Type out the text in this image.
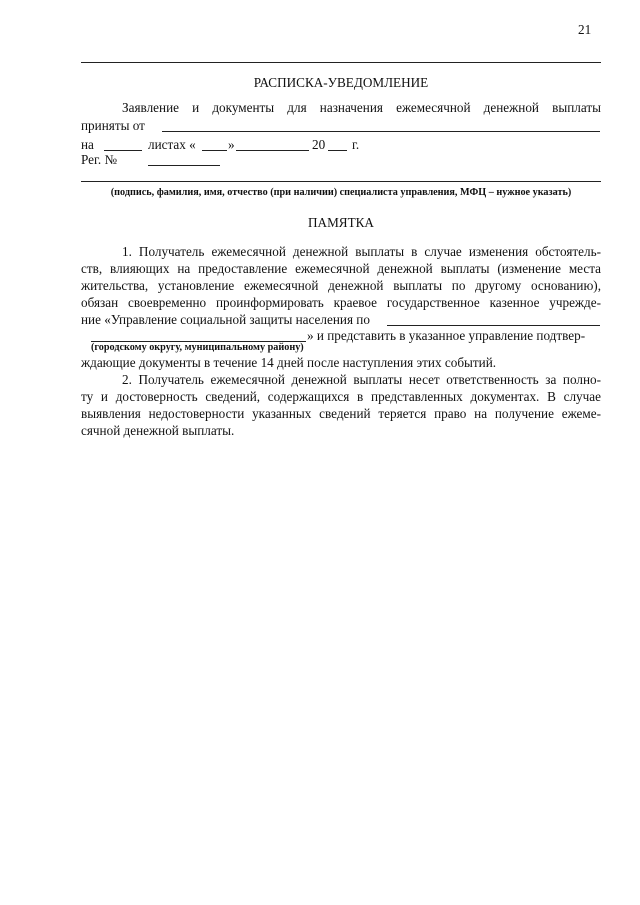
21
РАСПИСКА-УВЕДОМЛЕНИЕ
Заявление и документы для назначения ежемесячной денежной выплаты
приняты от
на	листах « »	20 г.
Рег. №
(подпись, фамилия, имя, отчество (при наличии) специалиста управления, МФЦ – нужное указать)
ПАМЯТКА
1. Получатель ежемесячной денежной выплаты в случае изменения обстоятель-
ств, влияющих на предоставление ежемесячной денежной выплаты (изменение места
жительства, установление ежемесячной денежной выплаты по другому основанию),
обязан своевременно проинформировать краевое государственное казенное учрежде-
ние «Управление социальной защиты населения по
» и представить в указанное управление подтвер-
(городскому округу, муниципальному району)
ждающие документы в течение 14 дней после наступления этих событий.
2. Получатель ежемесячной денежной выплаты несет ответственность за полно-
ту и достоверность сведений, содержащихся в представленных документах. В случае
выявления недостоверности указанных сведений теряется право на получение ежеме-
сячной денежной выплаты.
